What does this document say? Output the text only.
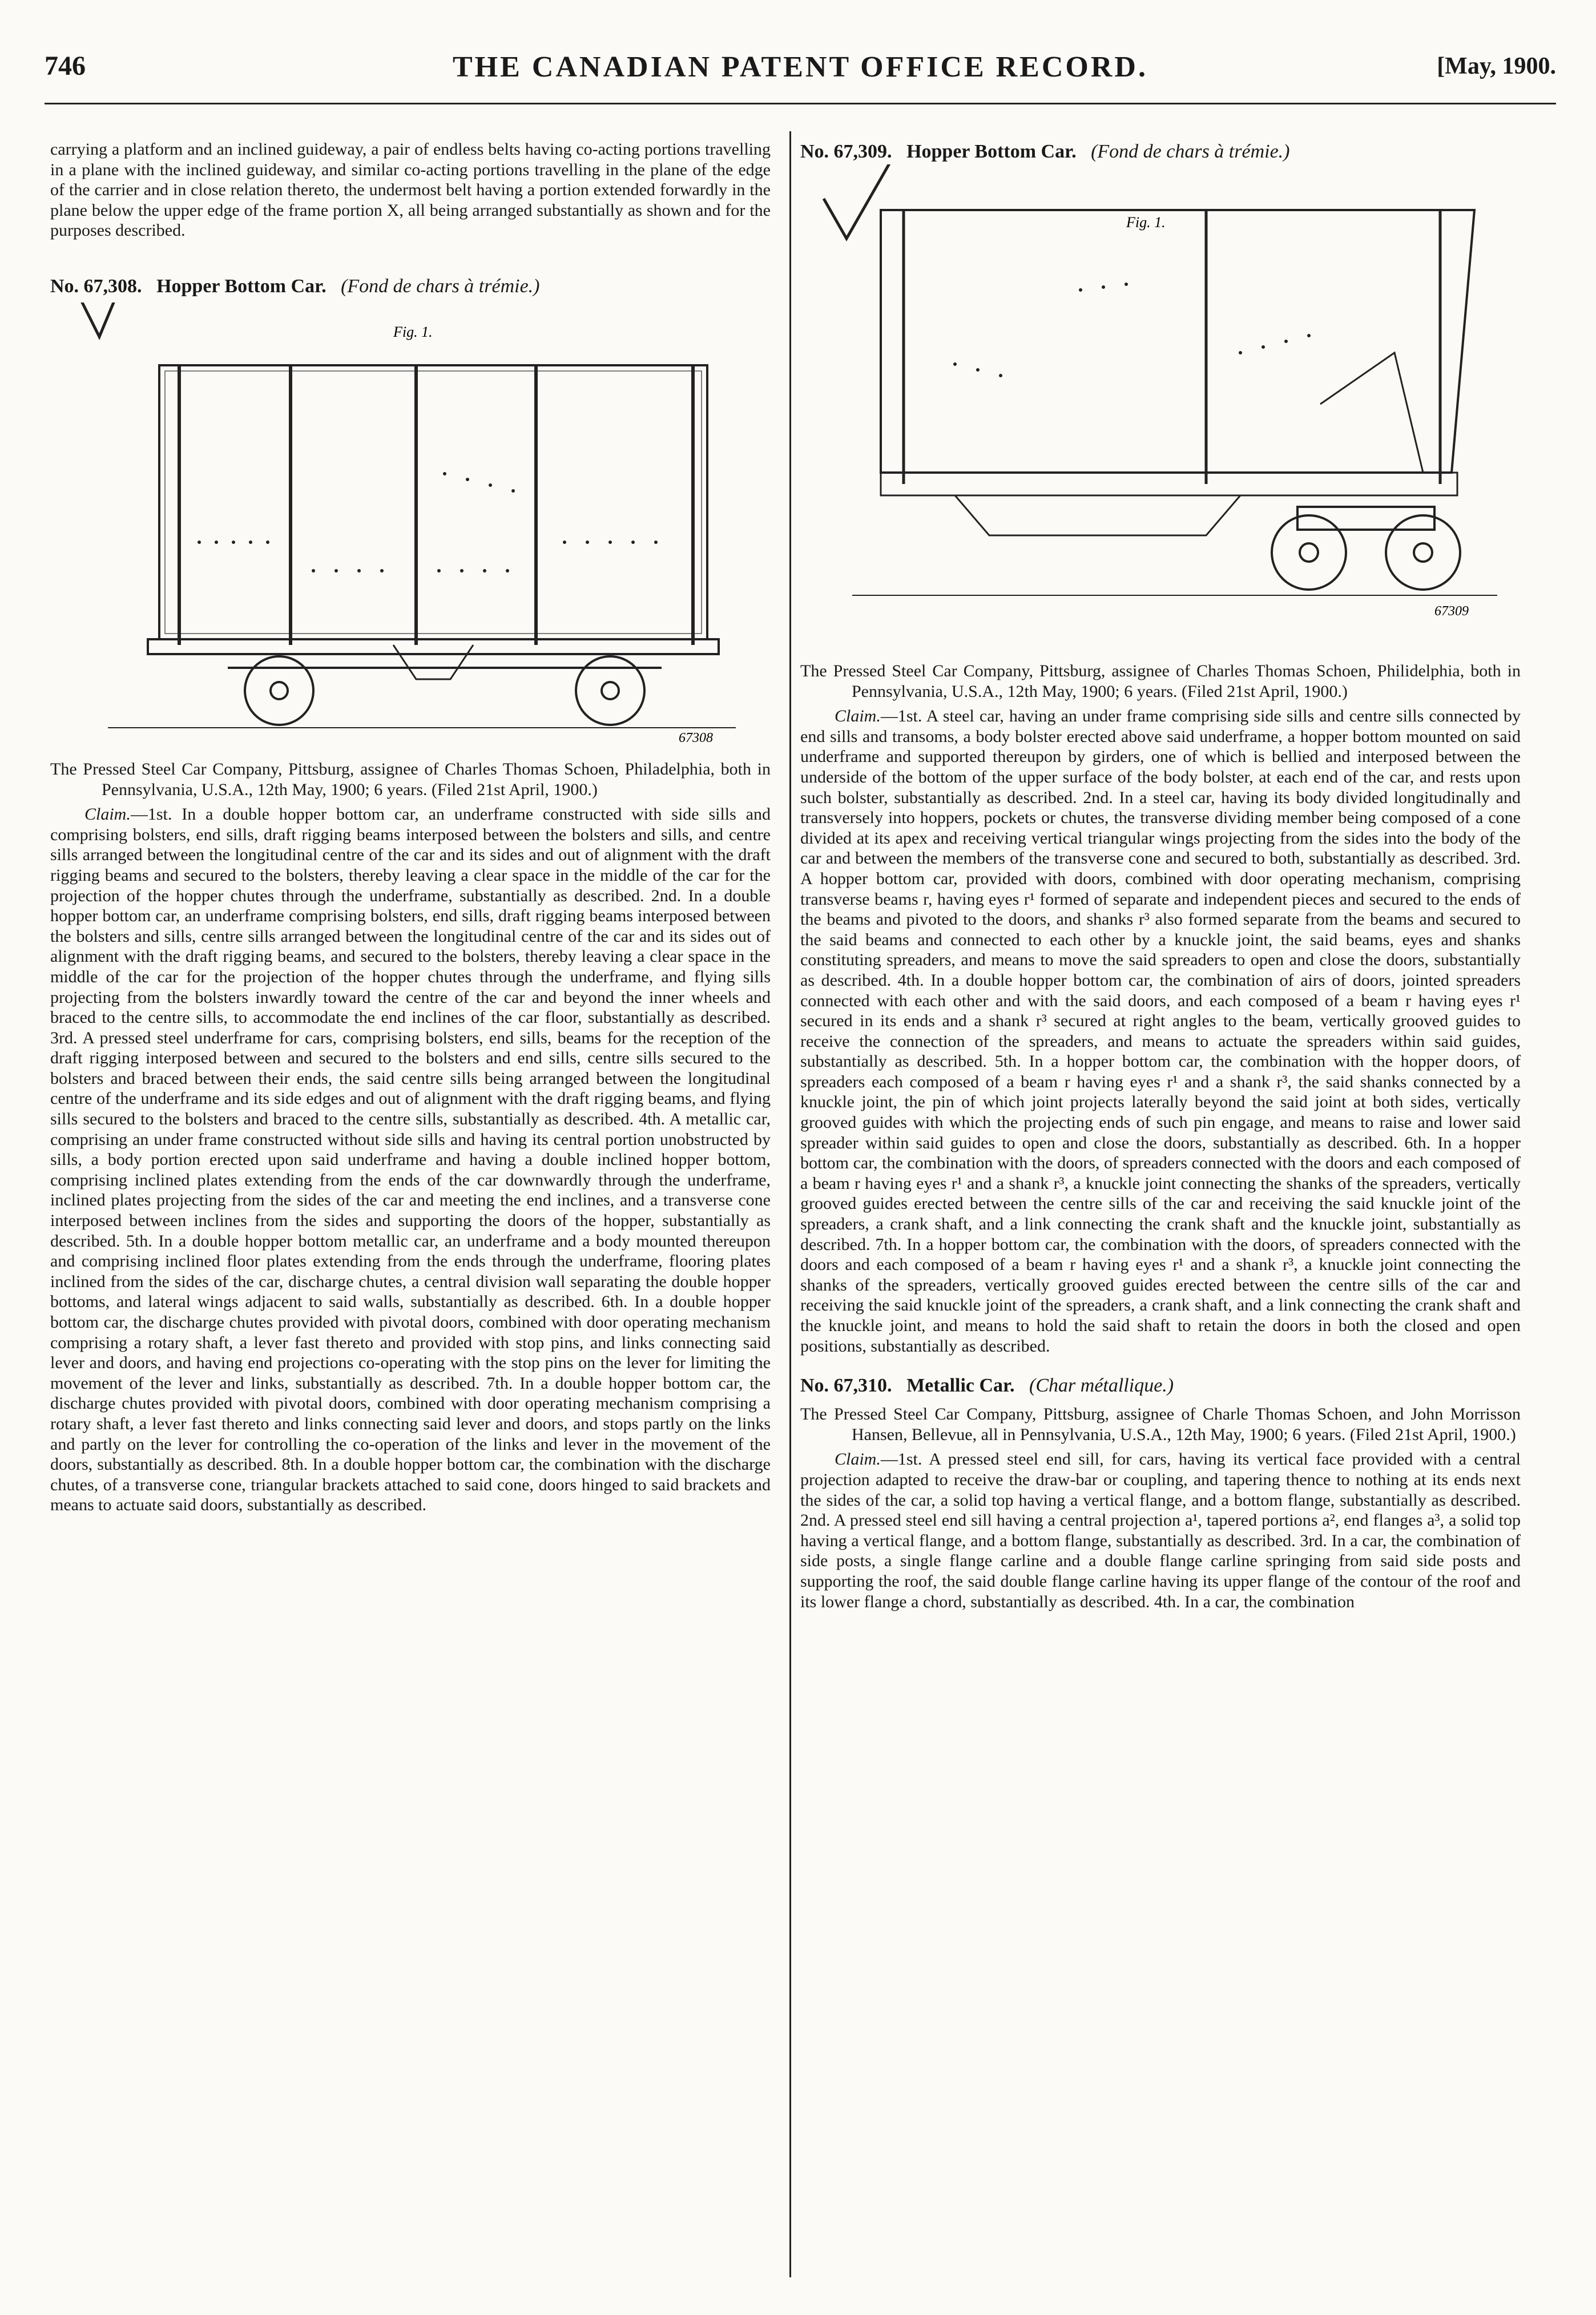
746	THE CANADIAN PATENT OFFICE RECORD.	[May, 1900.

carrying a platform and an inclined guideway, a pair of endless belts having co-acting portions travelling in a plane with the inclined guideway, and similar co-acting portions travelling in the plane of the edge of the carrier and in close relation thereto, the undermost belt having a portion extended forwardly in the plane below the upper edge of the frame portion X, all being arranged substantially as shown and for the purposes described.

No. 67,308. Hopper Bottom Car. (Fond de chars à trémie.)
Fig. 1.
67308

The Pressed Steel Car Company, Pittsburg, assignee of Charles Thomas Schoen, Philadelphia, both in Pennsylvania, U.S.A., 12th May, 1900; 6 years. (Filed 21st April, 1900.)

Claim.—1st. In a double hopper bottom car, an underframe constructed with side sills and comprising bolsters, end sills, draft rigging beams interposed between the bolsters and sills, and centre sills arranged between the longitudinal centre of the car and its sides and out of alignment with the draft rigging beams and secured to the bolsters, thereby leaving a clear space in the middle of the car for the projection of the hopper chutes through the underframe, substantially as described. 2nd. In a double hopper bottom car, an underframe comprising bolsters, end sills, draft rigging beams interposed between the bolsters and sills, centre sills arranged between the longitudinal centre of the car and its sides out of alignment with the draft rigging beams, and secured to the bolsters, thereby leaving a clear space in the middle of the car for the projection of the hopper chutes through the underframe, and flying sills projecting from the bolsters inwardly toward the centre of the car and beyond the inner wheels and braced to the centre sills, to accommodate the end inclines of the car floor, substantially as described. 3rd. A pressed steel underframe for cars, comprising bolsters, end sills, beams for the reception of the draft rigging interposed between and secured to the bolsters and end sills, centre sills secured to the bolsters and braced between their ends, the said centre sills being arranged between the longitudinal centre of the underframe and its side edges and out of alignment with the draft rigging beams, and flying sills secured to the bolsters and braced to the centre sills, substantially as described. 4th. A metallic car, comprising an under frame constructed without side sills and having its central portion unobstructed by sills, a body portion erected upon said underframe and having a double inclined hopper bottom, comprising inclined plates extending from the ends of the car downwardly through the underframe, inclined plates projecting from the sides of the car and meeting the end inclines, and a transverse cone interposed between inclines from the sides and supporting the doors of the hopper, substantially as described. 5th. In a double hopper bottom metallic car, an underframe and a body mounted thereupon and comprising inclined floor plates extending from the ends through the underframe, flooring plates inclined from the sides of the car, discharge chutes, a central division wall separating the double hopper bottoms, and lateral wings adjacent to said walls, substantially as described. 6th. In a double hopper bottom car, the discharge chutes provided with pivotal doors, combined with door operating mechanism comprising a rotary shaft, a lever fast thereto and provided with stop pins, and links connecting said lever and doors, and having end projections co-operating with the stop pins on the lever for limiting the movement of the lever and links, substantially as described. 7th. In a double hopper bottom car, the discharge chutes provided with pivotal doors, combined with door operating mechanism comprising a rotary shaft, a lever fast thereto and links connecting said lever and doors, and stops partly on the links and partly on the lever for controlling the co-operation of the links and lever in the movement of the doors, substantially as described. 8th. In a double hopper bottom car, the combination with the discharge chutes, of a transverse cone, triangular brackets attached to said cone, doors hinged to said brackets and means to actuate said doors, substantially as described.

No. 67,309. Hopper Bottom Car. (Fond de chars à trémie.)
Fig. 1.
67309

The Pressed Steel Car Company, Pittsburg, assignee of Charles Thomas Schoen, Philidelphia, both in Pennsylvania, U.S.A., 12th May, 1900; 6 years. (Filed 21st April, 1900.)

Claim.—1st. A steel car, having an under frame comprising side sills and centre sills connected by end sills and transoms, a body bolster erected above said underframe, a hopper bottom mounted on said underframe and supported thereupon by girders, one of which is bellied and interposed between the underside of the bottom of the upper surface of the body bolster, at each end of the car, and rests upon such bolster, substantially as described. 2nd. In a steel car, having its body divided longitudinally and transversely into hoppers, pockets or chutes, the transverse dividing member being composed of a cone divided at its apex and receiving vertical triangular wings projecting from the sides into the body of the car and between the members of the transverse cone and secured to both, substantially as described. 3rd. A hopper bottom car, provided with doors, combined with door operating mechanism, comprising transverse beams r, having eyes r¹ formed of separate and independent pieces and secured to the ends of the beams and pivoted to the doors, and shanks r³ also formed separate from the beams and secured to the said beams and connected to each other by a knuckle joint, the said beams, eyes and shanks constituting spreaders, and means to move the said spreaders to open and close the doors, substantially as described. 4th. In a double hopper bottom car, the combination of airs of doors, jointed spreaders connected with each other and with the said doors, and each composed of a beam r having eyes r¹ secured in its ends and a shank r³ secured at right angles to the beam, vertically grooved guides to receive the connection of the spreaders, and means to actuate the spreaders within said guides, substantially as described. 5th. In a hopper bottom car, the combination with the hopper doors, of spreaders each composed of a beam r having eyes r¹ and a shank r³, the said shanks connected by a knuckle joint, the pin of which joint projects laterally beyond the said joint at both sides, vertically grooved guides with which the projecting ends of such pin engage, and means to raise and lower said spreader within said guides to open and close the doors, substantially as described. 6th. In a hopper bottom car, the combination with the doors, of spreaders connected with the doors and each composed of a beam r having eyes r¹ and a shank r³, a knuckle joint connecting the shanks of the spreaders, vertically grooved guides erected between the centre sills of the car and receiving the said knuckle joint of the spreaders, a crank shaft, and a link connecting the crank shaft and the knuckle joint, substantially as described. 7th. In a hopper bottom car, the combination with the doors, of spreaders connected with the doors and each composed of a beam r having eyes r¹ and a shank r³, a knuckle joint connecting the shanks of the spreaders, vertically grooved guides erected between the centre sills of the car and receiving the said knuckle joint of the spreaders, a crank shaft, and a link connecting the crank shaft and the knuckle joint, and means to hold the said shaft to retain the doors in both the closed and open positions, substantially as described.

No. 67,310. Metallic Car. (Char métallique.)

The Pressed Steel Car Company, Pittsburg, assignee of Charle Thomas Schoen, and John Morrisson Hansen, Bellevue, all in Pennsylvania, U.S.A., 12th May, 1900; 6 years. (Filed 21st April, 1900.)

Claim.—1st. A pressed steel end sill, for cars, having its vertical face provided with a central projection adapted to receive the draw-bar or coupling, and tapering thence to nothing at its ends next the sides of the car, a solid top having a vertical flange, and a bottom flange, substantially as described. 2nd. A pressed steel end sill having a central projection a¹, tapered portions a², end flanges a³, a solid top having a vertical flange, and a bottom flange, substantially as described. 3rd. In a car, the combination of side posts, a single flange carline and a double flange carline springing from said side posts and supporting the roof, the said double flange carline having its upper flange of the contour of the roof and its lower flange a chord, substantially as described. 4th. In a car, the combination
